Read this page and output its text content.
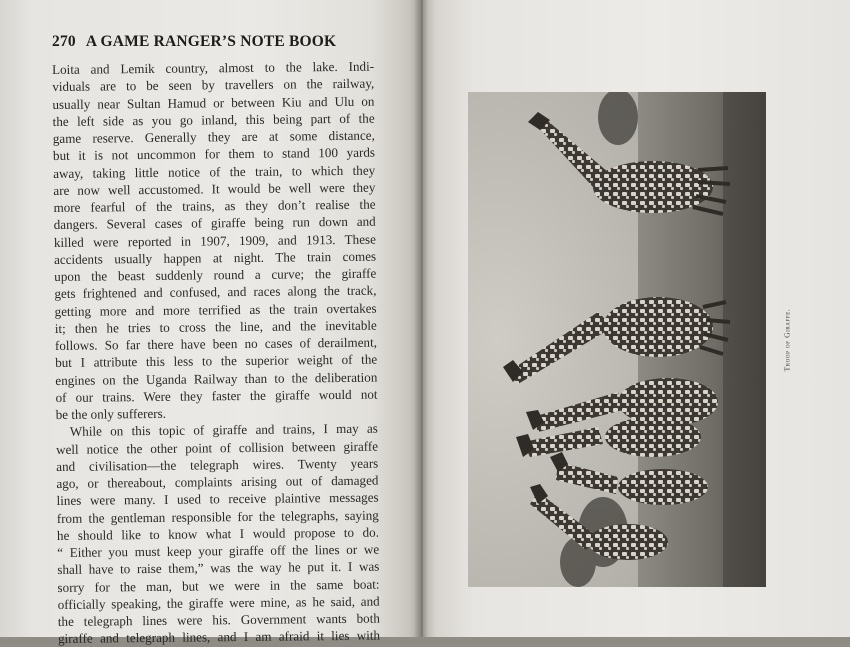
270 A GAME RANGER’S NOTE BOOK
Loita and Lemik country, almost to the lake. Indi-
viduals are to be seen by travellers on the railway,
usually near Sultan Hamud or between Kiu and Ulu on
the left side as you go inland, this being part of the
game reserve. Generally they are at some distance,
but it is not uncommon for them to stand 100 yards
away, taking little notice of the train, to which they
are now well accustomed. It would be well were they
more fearful of the trains, as they don’t realise the
dangers. Several cases of giraffe being run down and
killed were reported in 1907, 1909, and 1913. These
accidents usually happen at night. The train comes
upon the beast suddenly round a curve; the giraffe
gets frightened and confused, and races along the track,
getting more and more terrified as the train overtakes
it; then he tries to cross the line, and the inevitable
follows. So far there have been no cases of derailment,
but I attribute this less to the superior weight of the
engines on the Uganda Railway than to the deliberation
of our trains. Were they faster the giraffe would not
be the only sufferers.
While on this topic of giraffe and trains, I may as
well notice the other point of collision between giraffe
and civilisation—the telegraph wires. Twenty years
ago, or thereabout, complaints arising out of damaged
lines were many. I used to receive plaintive messages
from the gentleman responsible for the telegraphs, saying
he should like to know what I would propose to do.
“ Either you must keep your giraffe off the lines or we
shall have to raise them,” was the way he put it. I was
sorry for the man, but we were in the same boat:
officially speaking, the giraffe were mine, as he said, and
the telegraph lines were his. Government wants both
giraffe and telegraph lines, and I am afraid it lies with
Troop of Giraffe.
